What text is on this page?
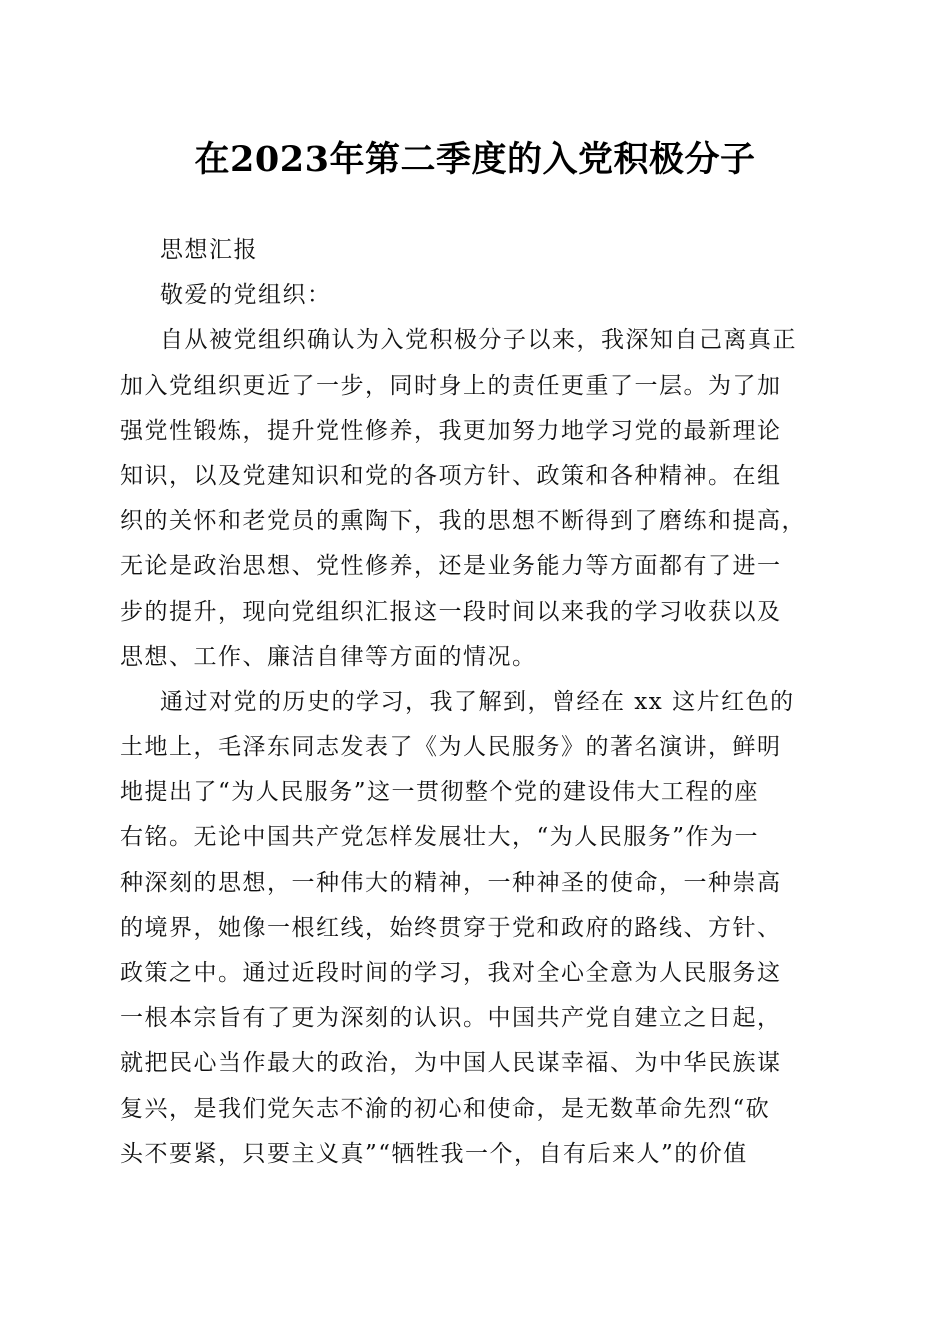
在2023年第二季度的入党积极分子
思想汇报
敬爱的党组织：
自从被党组织确认为入党积极分子以来，我深知自己离真正
加入党组织更近了一步，同时身上的责任更重了一层。为了加
强党性锻炼，提升党性修养，我更加努力地学习党的最新理论
知识，以及党建知识和党的各项方针、政策和各种精神。在组
织的关怀和老党员的熏陶下，我的思想不断得到了磨练和提高，
无论是政治思想、党性修养，还是业务能力等方面都有了进一
步的提升，现向党组织汇报这一段时间以来我的学习收获以及
思想、工作、廉洁自律等方面的情况。
通过对党的历史的学习，我了解到，曾经在 xx 这片红色的
土地上，毛泽东同志发表了《为人民服务》的著名演讲，鲜明
地提出了“为人民服务”这一贯彻整个党的建设伟大工程的座
右铭。无论中国共产党怎样发展壮大，“为人民服务”作为一
种深刻的思想，一种伟大的精神，一种神圣的使命，一种崇高
的境界，她像一根红线，始终贯穿于党和政府的路线、方针、
政策之中。通过近段时间的学习，我对全心全意为人民服务这
一根本宗旨有了更为深刻的认识。中国共产党自建立之日起，
就把民心当作最大的政治，为中国人民谋幸福、为中华民族谋
复兴，是我们党矢志不渝的初心和使命，是无数革命先烈“砍
头不要紧，只要主义真”“牺牲我一个，自有后来人”的价值
